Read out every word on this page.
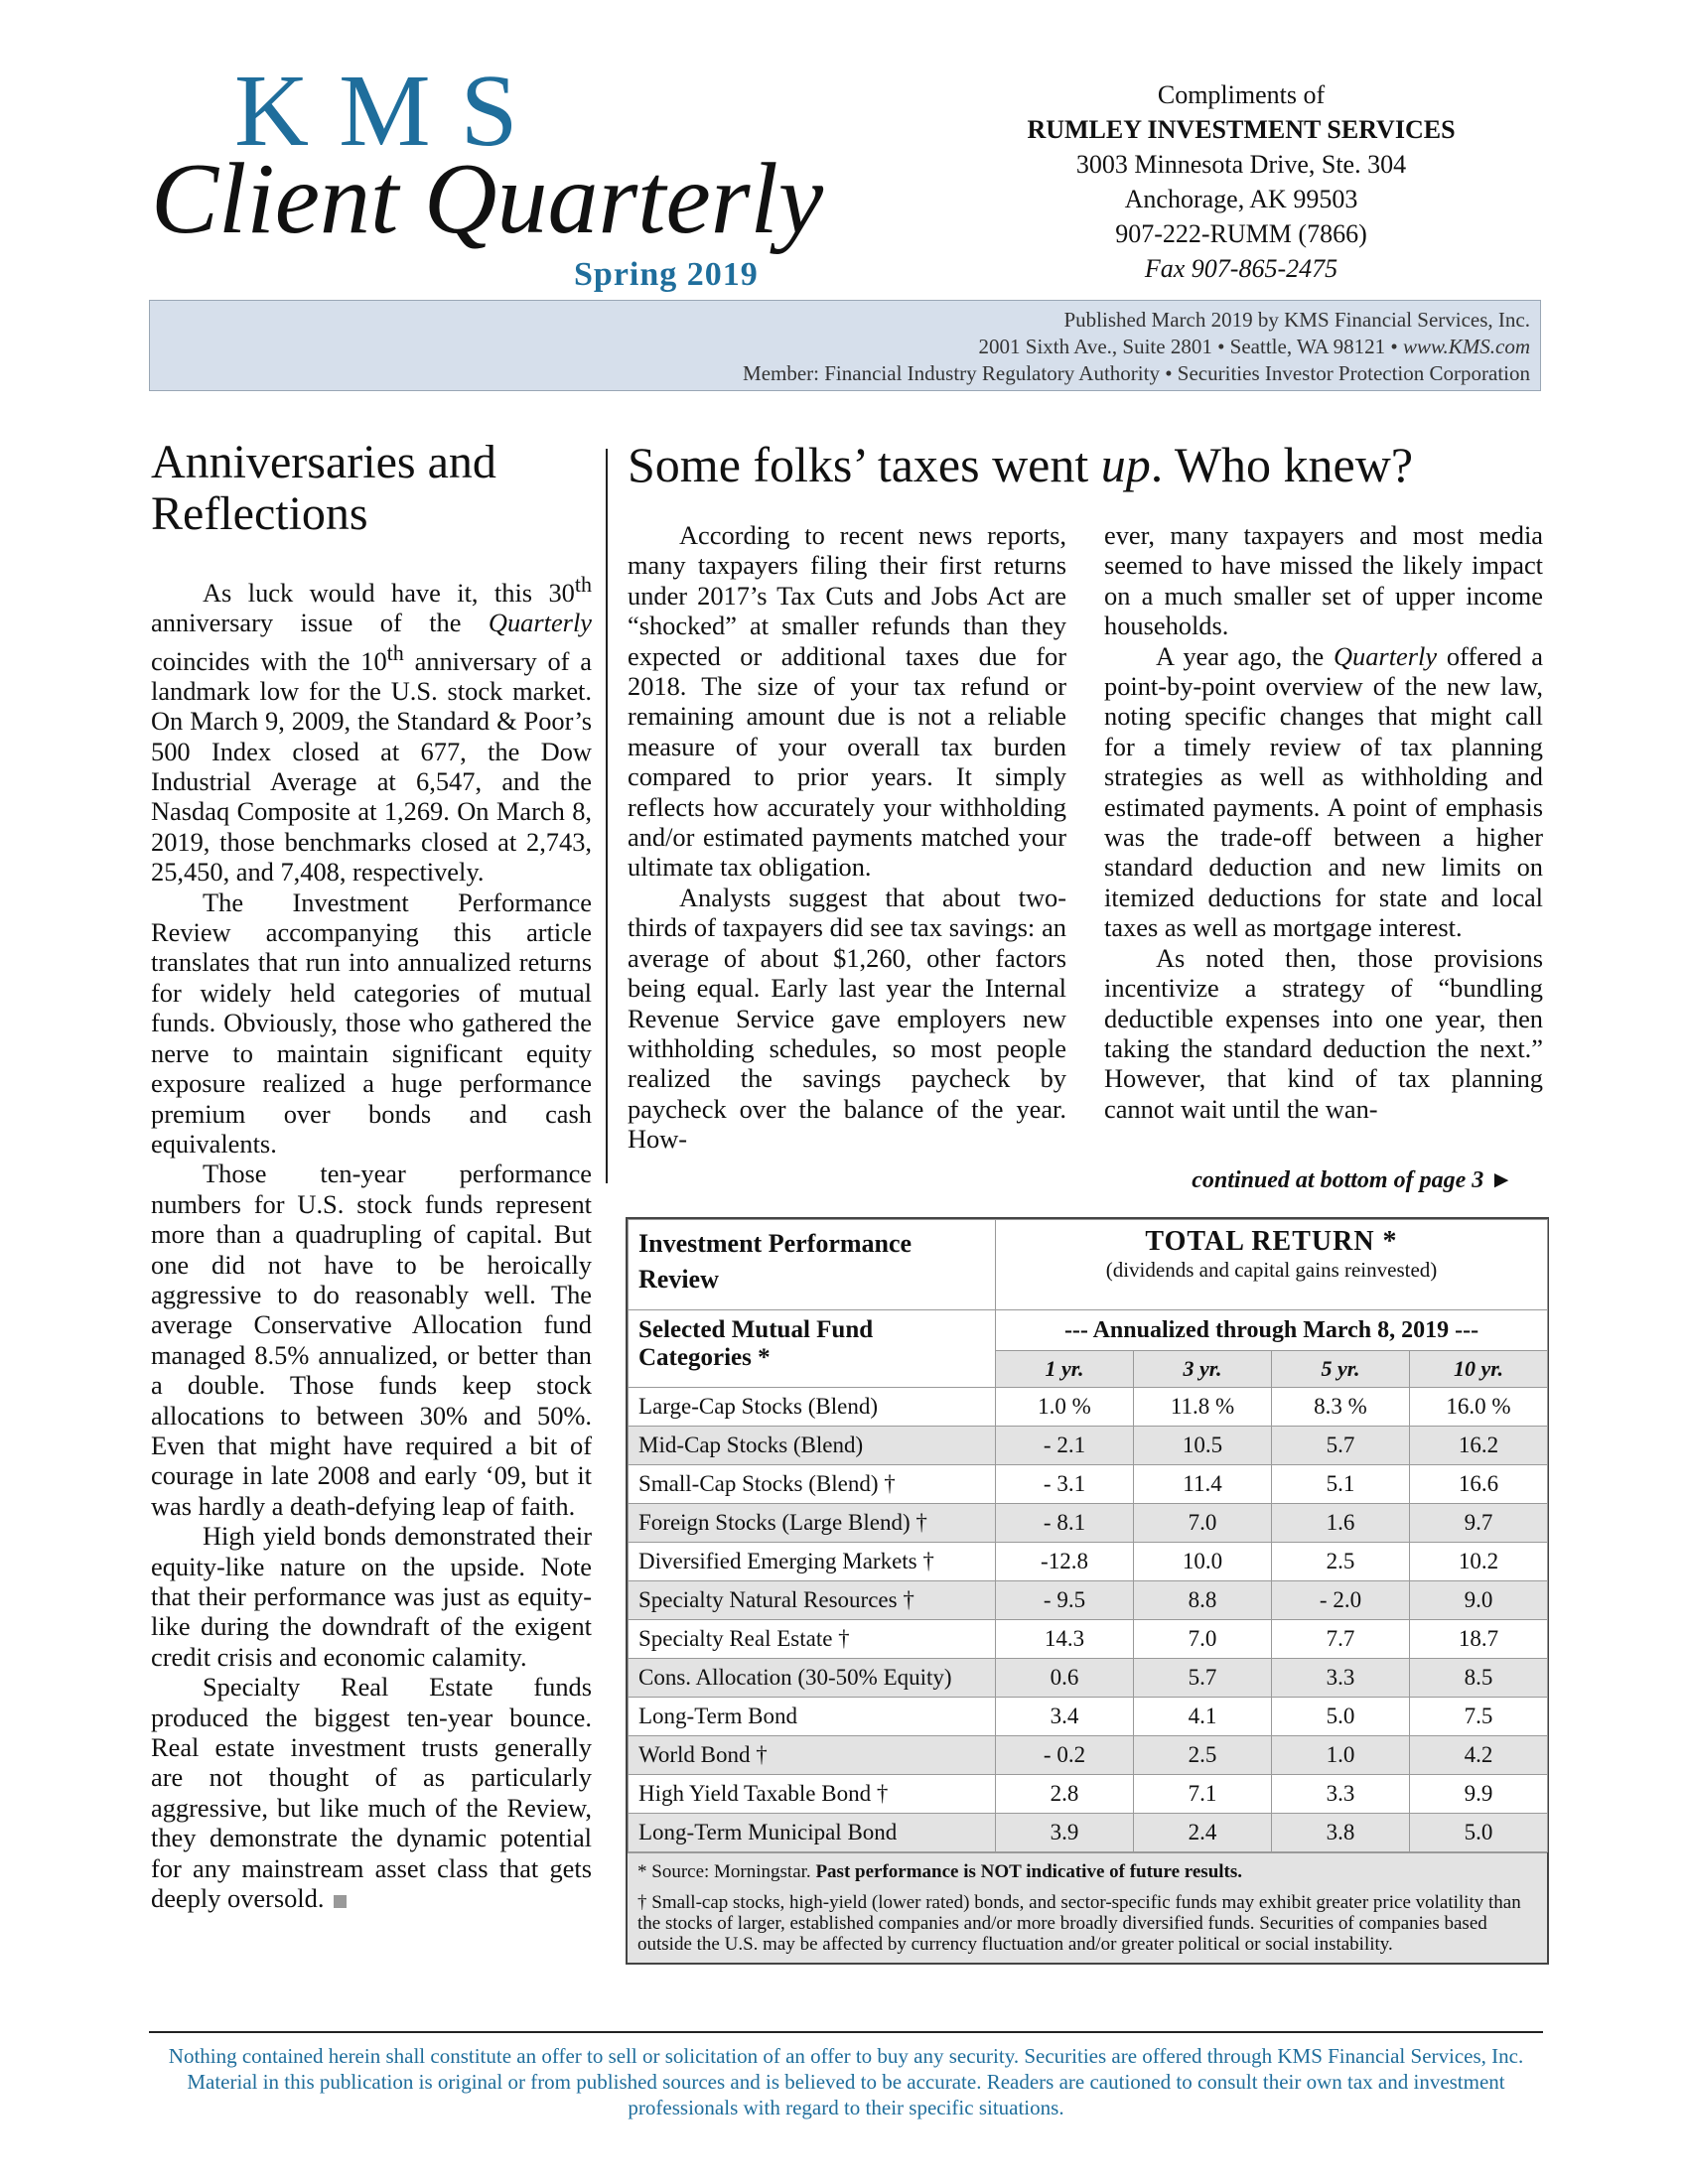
KMS
Client Quarterly
Spring 2019
Compliments of
RUMLEY INVESTMENT SERVICES
3003 Minnesota Drive, Ste. 304
Anchorage, AK 99503
907-222-RUMM (7866)
Fax 907-865-2475
Published March 2019 by KMS Financial Services, Inc.
2001 Sixth Ave., Suite 2801 • Seattle, WA 98121 • www.KMS.com
Member: Financial Industry Regulatory Authority • Securities Investor Protection Corporation
Anniversaries and Reflections

As luck would have it, this 30th anniversary issue of the Quarterly coincides with the 10th anniversary of a landmark low for the U.S. stock market. On March 9, 2009, the Standard & Poor’s 500 Index closed at 677, the Dow Industrial Average at 6,547, and the Nasdaq Composite at 1,269. On March 8, 2019, those benchmarks closed at 2,743, 25,450, and 7,408, respectively.

The Investment Performance Review accompanying this article translates that run into annualized returns for widely held categories of mutual funds. Obviously, those who gathered the nerve to maintain significant equity exposure realized a huge performance premium over bonds and cash equivalents.

Those ten-year performance numbers for U.S. stock funds represent more than a quadrupling of capital. But one did not have to be heroically aggressive to do reasonably well. The average Conservative Allocation fund managed 8.5% annualized, or better than a double. Those funds keep stock allocations to between 30% and 50%. Even that might have required a bit of courage in late 2008 and early ‘09, but it was hardly a death-defying leap of faith.

High yield bonds demonstrated their equity-like nature on the upside. Note that their performance was just as equity-like during the downdraft of the exigent credit crisis and economic calamity.

Specialty Real Estate funds produced the biggest ten-year bounce. Real estate investment trusts generally are not thought of as particularly aggressive, but like much of the Review, they demonstrate the dynamic potential for any mainstream asset class that gets deeply oversold.

Some folks’ taxes went up. Who knew?

According to recent news reports, many taxpayers filing their first returns under 2017’s Tax Cuts and Jobs Act are “shocked” at smaller refunds than they expected or additional taxes due for 2018. The size of your tax refund or remaining amount due is not a reliable measure of your overall tax burden compared to prior years. It simply reflects how accurately your withholding and/or estimated payments matched your ultimate tax obligation.

Analysts suggest that about two-thirds of taxpayers did see tax savings: an average of about $1,260, other factors being equal. Early last year the Internal Revenue Service gave employers new withholding schedules, so most people realized the savings paycheck by paycheck over the balance of the year. How-

ever, many taxpayers and most media seemed to have missed the likely impact on a much smaller set of upper income households.

A year ago, the Quarterly offered a point-by-point overview of the new law, noting specific changes that might call for a timely review of tax planning strategies as well as withholding and estimated payments. A point of emphasis was the trade-off between a higher standard deduction and new limits on itemized deductions for state and local taxes as well as mortgage interest.

As noted then, those provisions incentivize a strategy of “bundling deductible expenses into one year, then taking the standard deduction the next.” However, that kind of tax planning cannot wait until the wan-

continued at bottom of page 3 ►
Investment Performance Review	TOTAL RETURN *
(dividends and capital gains reinvested)			

Selected Mutual Fund Categories *	--- Annualized through March 8, 2019 ---			
	1 yr.	3 yr.	5 yr.	10 yr.
Large-Cap Stocks (Blend)	1.0 %	11.8 %	8.3 %	16.0 %
Mid-Cap Stocks (Blend)	- 2.1	10.5	5.7	16.2
Small-Cap Stocks (Blend) †	- 3.1	11.4	5.1	16.6
Foreign Stocks (Large Blend) †	- 8.1	7.0	1.6	9.7
Diversified Emerging Markets †	-12.8	10.0	2.5	10.2
Specialty Natural Resources †	- 9.5	8.8	- 2.0	9.0
Specialty Real Estate †	14.3	7.0	7.7	18.7
Cons. Allocation (30-50% Equity)	0.6	5.7	3.3	8.5
Long-Term Bond	3.4	4.1	5.0	7.5
World Bond †	- 0.2	2.5	1.0	4.2
High Yield Taxable Bond †	2.8	7.1	3.3	9.9
Long-Term Municipal Bond	3.9	2.4	3.8	5.0
* Source: Morningstar. Past performance is NOT indicative of future results.
† Small-cap stocks, high-yield (lower rated) bonds, and sector-specific funds may exhibit greater price volatility than the stocks of larger, established companies and/or more broadly diversified funds. Securities of companies based outside the U.S. may be affected by currency fluctuation and/or greater political or social instability.
Nothing contained herein shall constitute an offer to sell or solicitation of an offer to buy any security. Securities are offered through KMS Financial Services, Inc. Material in this publication is original or from published sources and is believed to be accurate. Readers are cautioned to consult their own tax and investment professionals with regard to their specific situations.
